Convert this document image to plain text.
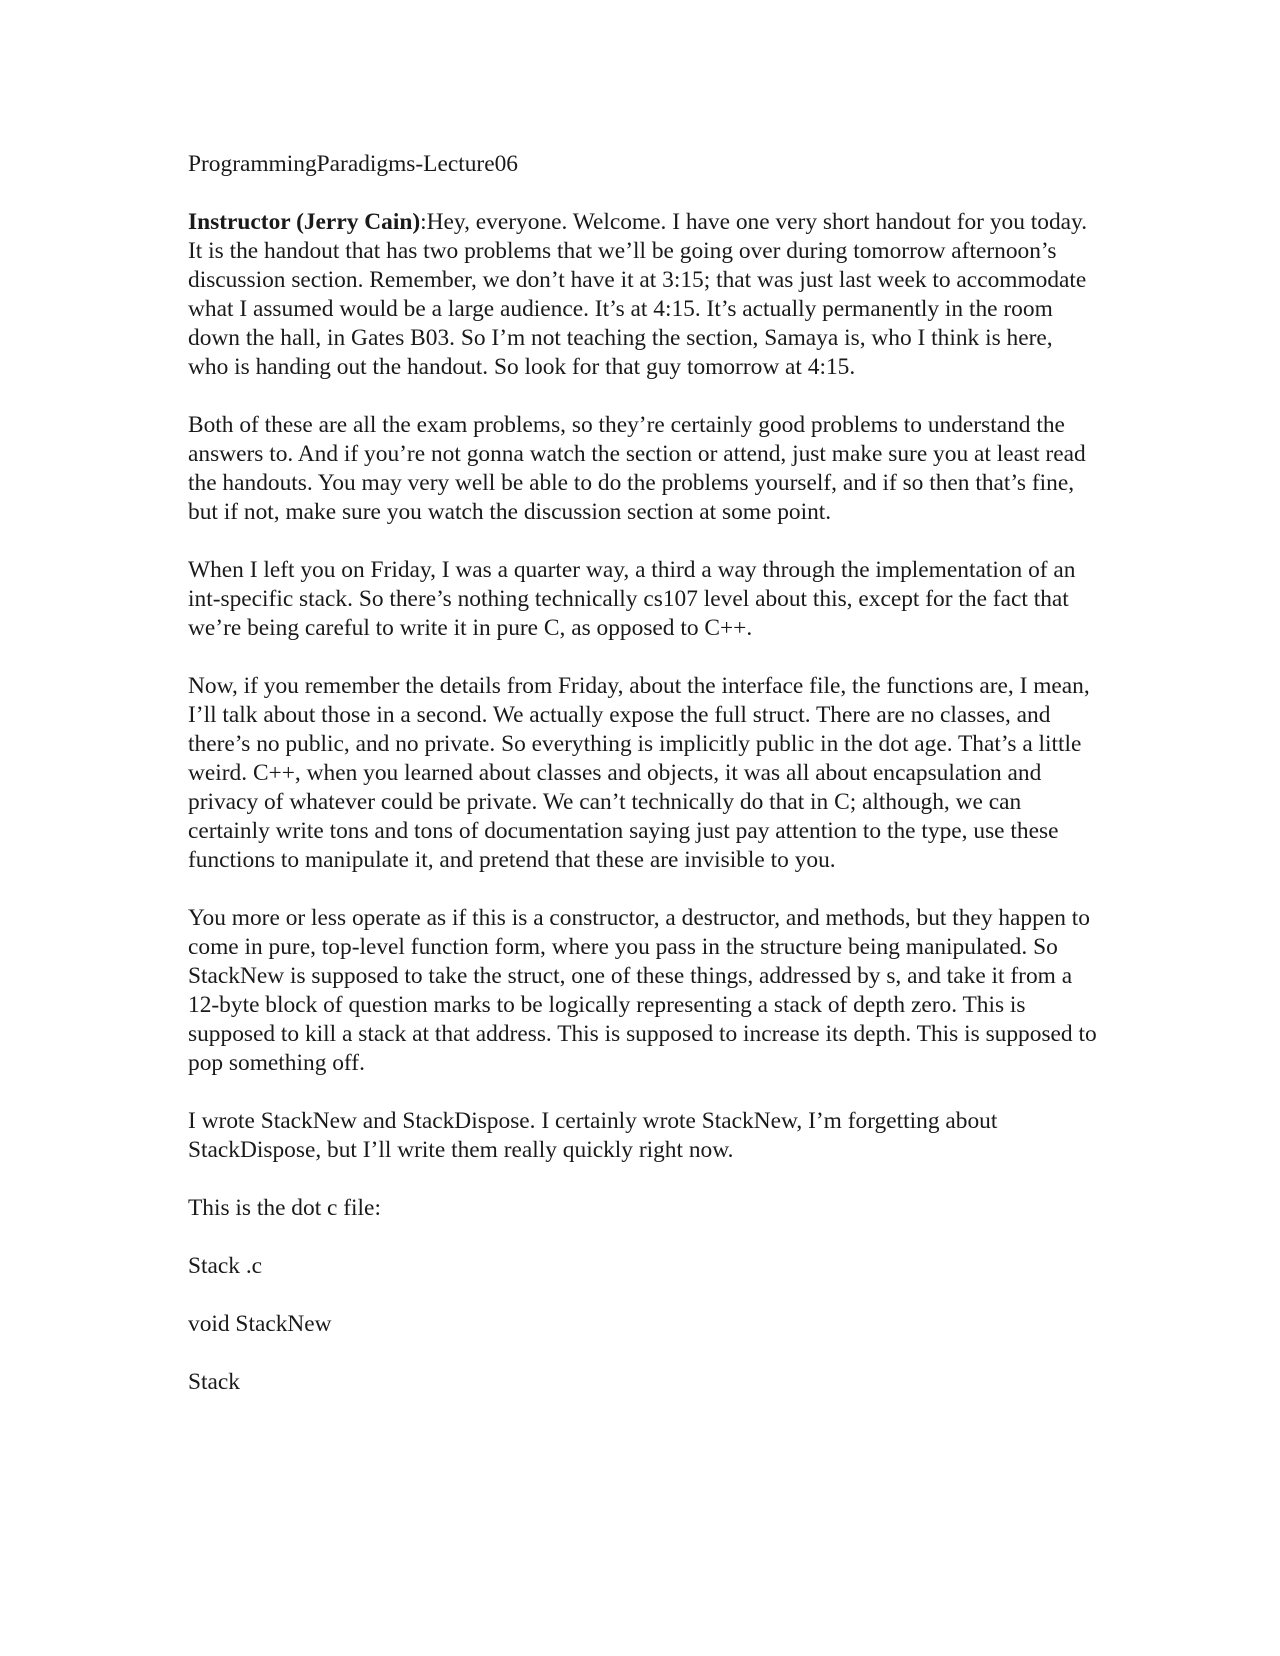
ProgrammingParadigms-Lecture06

Instructor (Jerry Cain):Hey, everyone. Welcome. I have one very short handout for you today. It is the handout that has two problems that we’ll be going over during tomorrow afternoon’s discussion section. Remember, we don’t have it at 3:15; that was just last week to accommodate what I assumed would be a large audience. It’s at 4:15. It’s actually permanently in the room down the hall, in Gates B03. So I’m not teaching the section, Samaya is, who I think is here, who is handing out the handout. So look for that guy tomorrow at 4:15.

Both of these are all the exam problems, so they’re certainly good problems to understand the answers to. And if you’re not gonna watch the section or attend, just make sure you at least read the handouts. You may very well be able to do the problems yourself, and if so then that’s fine, but if not, make sure you watch the discussion section at some point.

When I left you on Friday, I was a quarter way, a third a way through the implementation of an int-specific stack. So there’s nothing technically cs107 level about this, except for the fact that we’re being careful to write it in pure C, as opposed to C++.

Now, if you remember the details from Friday, about the interface file, the functions are, I mean, I’ll talk about those in a second. We actually expose the full struct. There are no classes, and there’s no public, and no private. So everything is implicitly public in the dot age. That’s a little weird. C++, when you learned about classes and objects, it was all about encapsulation and privacy of whatever could be private. We can’t technically do that in C; although, we can certainly write tons and tons of documentation saying just pay attention to the type, use these functions to manipulate it, and pretend that these are invisible to you.

You more or less operate as if this is a constructor, a destructor, and methods, but they happen to come in pure, top-level function form, where you pass in the structure being manipulated. So StackNew is supposed to take the struct, one of these things, addressed by s, and take it from a 12-byte block of question marks to be logically representing a stack of depth zero. This is supposed to kill a stack at that address. This is supposed to increase its depth. This is supposed to pop something off.

I wrote StackNew and StackDispose. I certainly wrote StackNew, I’m forgetting about StackDispose, but I’ll write them really quickly right now.

This is the dot c file:

Stack .c

void StackNew

Stack
